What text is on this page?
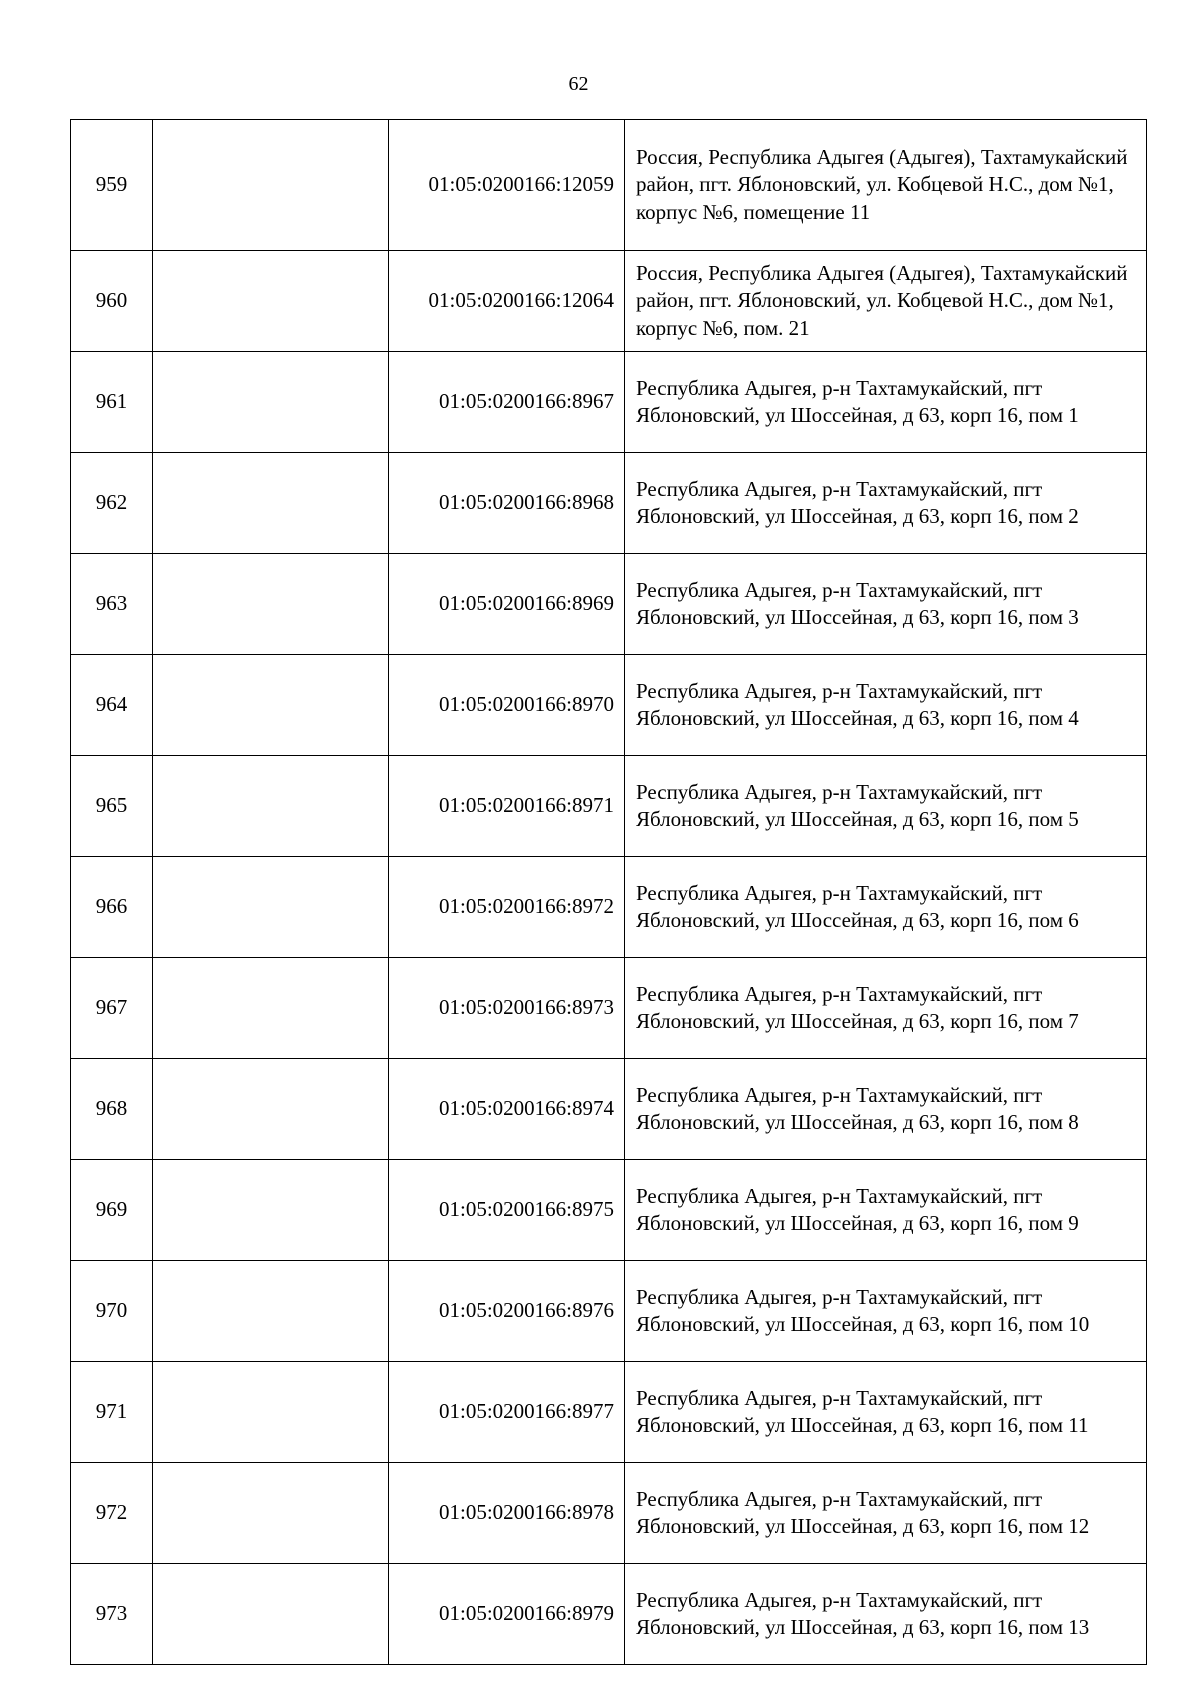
62
959		01:05:0200166:12059	Россия, Республика Адыгея (Адыгея), Тахтамукайский район, пгт. Яблоновский, ул. Кобцевой Н.С., дом №1, корпус №6, помещение 11
960		01:05:0200166:12064	Россия, Республика Адыгея (Адыгея), Тахтамукайский район, пгт. Яблоновский, ул. Кобцевой Н.С., дом №1, корпус №6, пом. 21
961		01:05:0200166:8967	Республика Адыгея, р-н Тахтамукайский, пгт Яблоновский, ул Шоссейная, д 63, корп 16, пом 1
962		01:05:0200166:8968	Республика Адыгея, р-н Тахтамукайский, пгт Яблоновский, ул Шоссейная, д 63, корп 16, пом 2
963		01:05:0200166:8969	Республика Адыгея, р-н Тахтамукайский, пгт Яблоновский, ул Шоссейная, д 63, корп 16, пом 3
964		01:05:0200166:8970	Республика Адыгея, р-н Тахтамукайский, пгт Яблоновский, ул Шоссейная, д 63, корп 16, пом 4
965		01:05:0200166:8971	Республика Адыгея, р-н Тахтамукайский, пгт Яблоновский, ул Шоссейная, д 63, корп 16, пом 5
966		01:05:0200166:8972	Республика Адыгея, р-н Тахтамукайский, пгт Яблоновский, ул Шоссейная, д 63, корп 16, пом 6
967		01:05:0200166:8973	Республика Адыгея, р-н Тахтамукайский, пгт Яблоновский, ул Шоссейная, д 63, корп 16, пом 7
968		01:05:0200166:8974	Республика Адыгея, р-н Тахтамукайский, пгт Яблоновский, ул Шоссейная, д 63, корп 16, пом 8
969		01:05:0200166:8975	Республика Адыгея, р-н Тахтамукайский, пгт Яблоновский, ул Шоссейная, д 63, корп 16, пом 9
970		01:05:0200166:8976	Республика Адыгея, р-н Тахтамукайский, пгт Яблоновский, ул Шоссейная, д 63, корп 16, пом 10
971		01:05:0200166:8977	Республика Адыгея, р-н Тахтамукайский, пгт Яблоновский, ул Шоссейная, д 63, корп 16, пом 11
972		01:05:0200166:8978	Республика Адыгея, р-н Тахтамукайский, пгт Яблоновский, ул Шоссейная, д 63, корп 16, пом 12
973		01:05:0200166:8979	Республика Адыгея, р-н Тахтамукайский, пгт Яблоновский, ул Шоссейная, д 63, корп 16, пом 13
